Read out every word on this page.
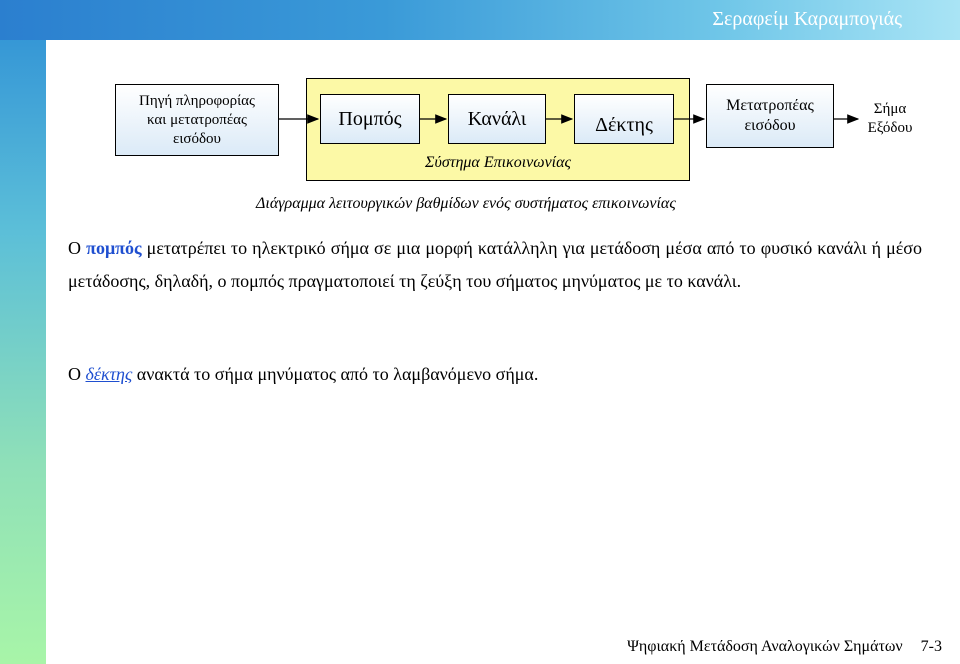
Σεραφείμ Καραμπογιάς
Πηγή πληροφορίας
και μετατροπέας
εισόδου
Πομπός	Κανάλι	Δέκτης
Σύστημα Επικοινωνίας
Μετατροπέας
εισόδου
Σήμα
Εξόδου
Διάγραμμα λειτουργικών βαθμίδων ενός συστήματος επικοινωνίας
Ο πομπός μετατρέπει το ηλεκτρικό σήμα σε μια μορφή κατάλληλη για μετάδοση μέσα από το φυσικό κανάλι ή μέσο μετάδοσης, δηλαδή, ο πομπός πραγματοποιεί τη ζεύξη του σήματος μηνύματος με το κανάλι.
Ο δέκτης ανακτά το σήμα μηνύματος από το λαμβανόμενο σήμα.
Ψηφιακή Μετάδοση Αναλογικών Σημάτων 7-3
